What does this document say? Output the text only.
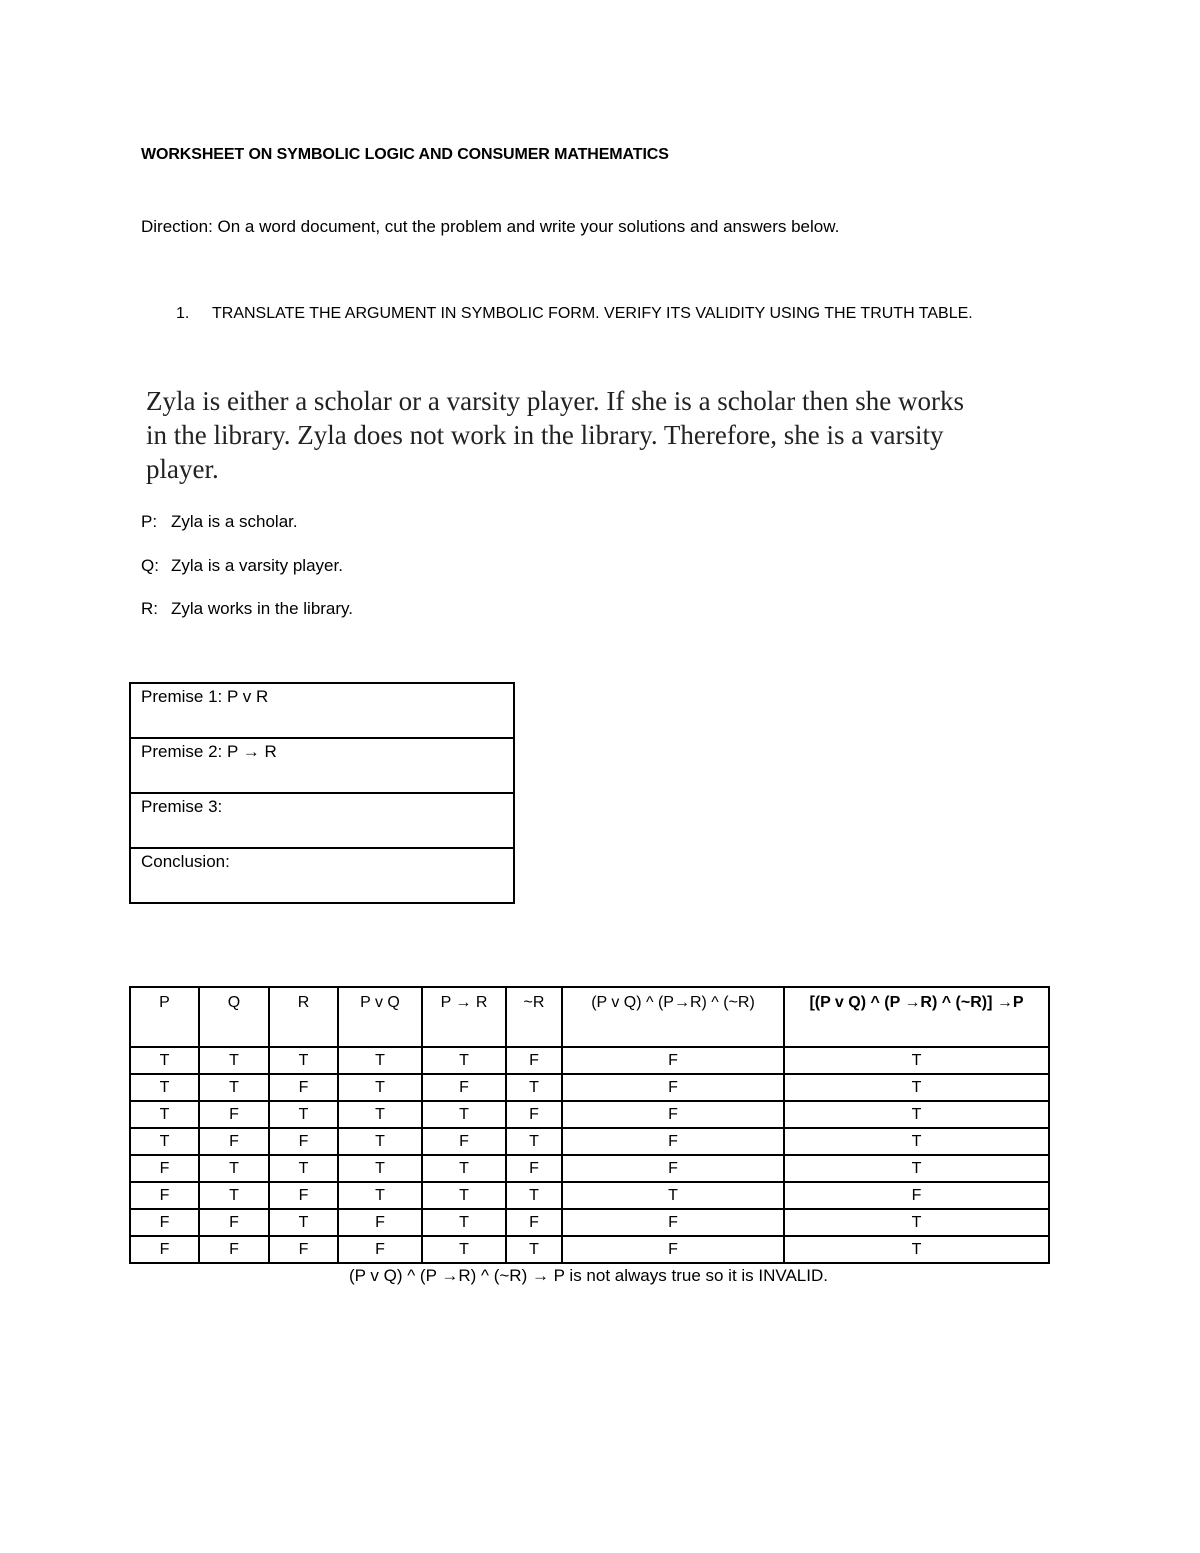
WORKSHEET ON SYMBOLIC LOGIC AND CONSUMER MATHEMATICS
Direction: On a word document, cut the problem and write your solutions and answers below.
1. TRANSLATE THE ARGUMENT IN SYMBOLIC FORM. VERIFY ITS VALIDITY USING THE TRUTH TABLE.
Zyla is either a scholar or a varsity player. If she is a scholar then she works
in the library. Zyla does not work in the library. Therefore, she is a varsity
player.
P: Zyla is a scholar.
Q: Zyla is a varsity player.
R: Zyla works in the library.
Premise 1: P v R
Premise 2: P → R
Premise 3:
Conclusion:
P	Q	R	P v Q	P → R	~R	(P v Q) ^ (P→R) ^ (~R)	[(P v Q) ^ (P →R) ^ (~R)] →P
T	T	T	T	T	F	F	T
T	T	F	T	F	T	F	T
T	F	T	T	T	F	F	T
T	F	F	T	F	T	F	T
F	T	T	T	T	F	F	T
F	T	F	T	T	T	T	F
F	F	T	F	T	F	F	T
F	F	F	F	T	T	F	T
(P v Q) ^ (P →R) ^ (~R) → P is not always true so it is INVALID.
